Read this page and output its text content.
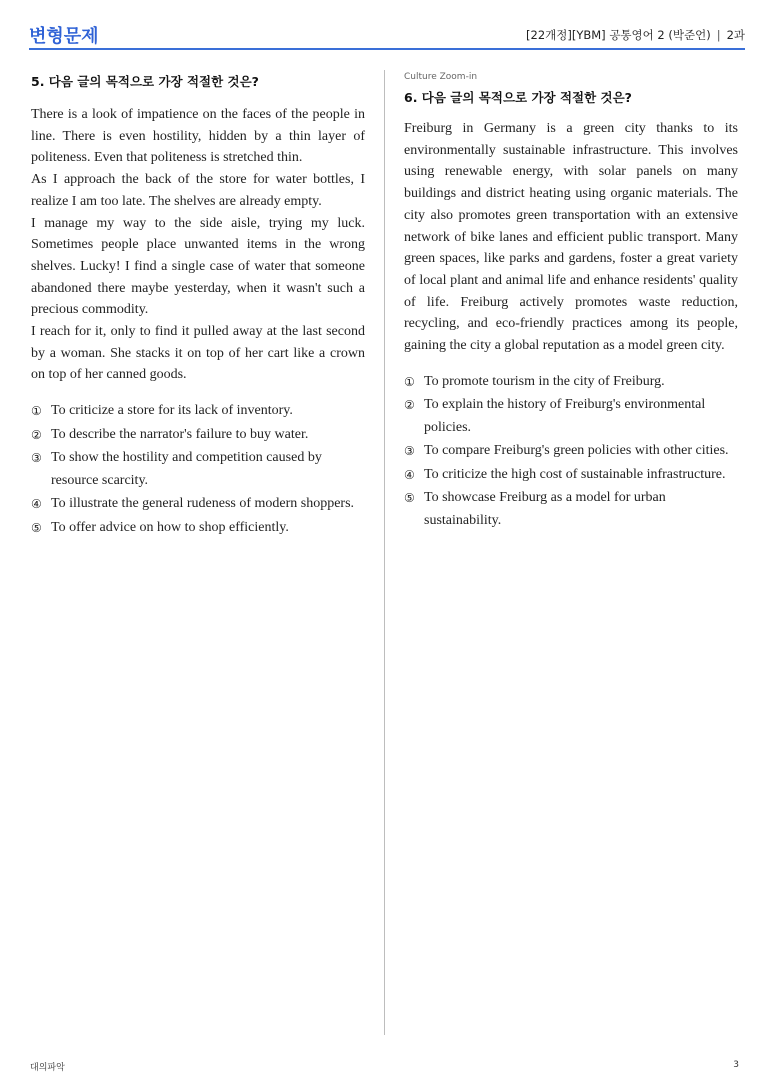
변형문제	[22개정][YBM] 공통영어 2 (박준언) | 2과
5. 다음 글의 목적으로 가장 적절한 것은?

There is a look of impatience on the faces of the people in line. There is even hostility, hidden by a thin layer of politeness. Even that politeness is stretched thin.

As I approach the back of the store for water bottles, I realize I am too late. The shelves are already empty.

I manage my way to the side aisle, trying my luck. Sometimes people place unwanted items in the wrong shelves. Lucky! I find a single case of water that someone abandoned there maybe yesterday, when it wasn't such a precious commodity.

I reach for it, only to find it pulled away at the last second by a woman. She stacks it on top of her cart like a crown on top of her canned goods.

① To criticize a store for its lack of inventory.
② To describe the narrator's failure to buy water.
③ To show the hostility and competition caused by resource scarcity.
④ To illustrate the general rudeness of modern shoppers.
⑤ To offer advice on how to shop efficiently.
Culture Zoom-in
6. 다음 글의 목적으로 가장 적절한 것은?

Freiburg in Germany is a green city thanks to its environmentally sustainable infrastructure. This involves using renewable energy, with solar panels on many buildings and district heating using organic materials. The city also promotes green transportation with an extensive network of bike lanes and efficient public transport. Many green spaces, like parks and gardens, foster a great variety of local plant and animal life and enhance residents' quality of life. Freiburg actively promotes waste reduction, recycling, and eco-friendly practices among its people, gaining the city a global reputation as a model green city.

① To promote tourism in the city of Freiburg.
② To explain the history of Freiburg's environmental policies.
③ To compare Freiburg's green policies with other cities.
④ To criticize the high cost of sustainable infrastructure.
⑤ To showcase Freiburg as a model for urban sustainability.
대의파악	3
